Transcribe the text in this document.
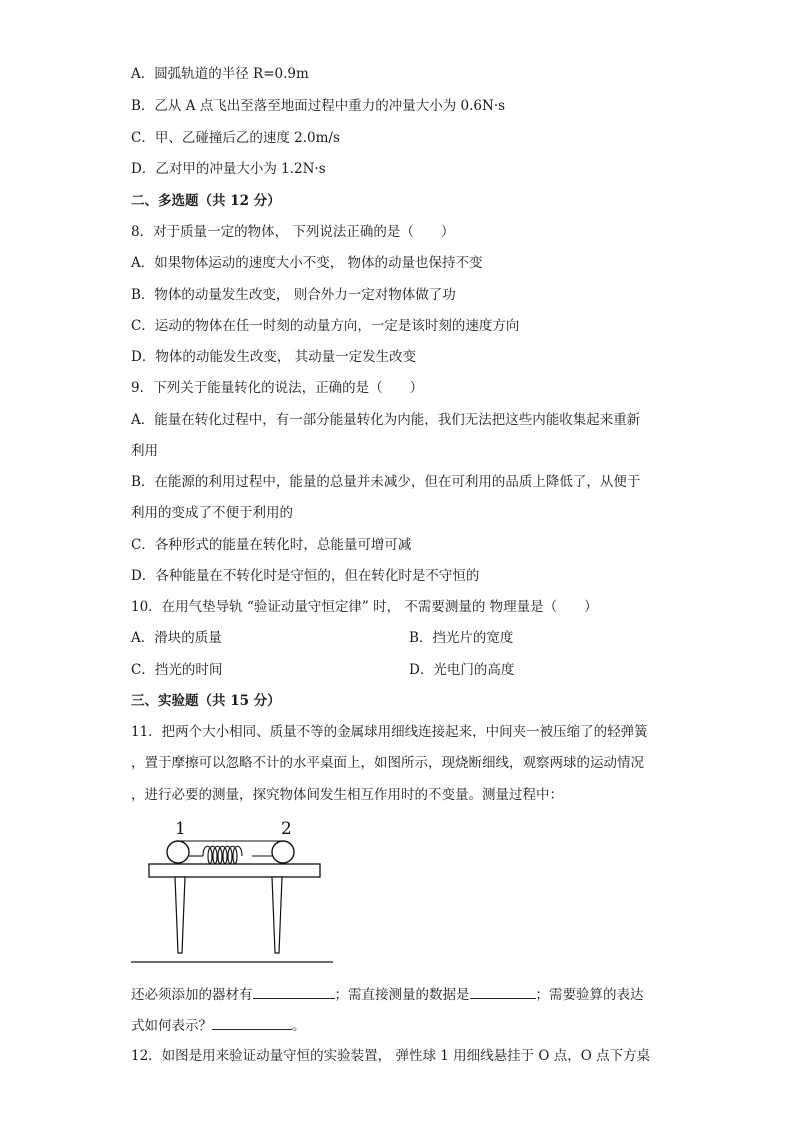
A．圆弧轨道的半径 R=0.9m
B．乙从 A 点飞出至落至地面过程中重力的冲量大小为 0.6N·s
C．甲、乙碰撞后乙的速度 2.0m/s
D．乙对甲的冲量大小为 1.2N·s
二、多选题（共 12 分）
8．对于质量一定的物体， 下列说法正确的是（　　）
A．如果物体运动的速度大小不变， 物体的动量也保持不变
B．物体的动量发生改变， 则合外力一定对物体做了功
C．运动的物体在任一时刻的动量方向，一定是该时刻的速度方向
D．物体的动能发生改变， 其动量一定发生改变
9．下列关于能量转化的说法，正确的是（　　）
A．能量在转化过程中，有一部分能量转化为内能，我们无法把这些内能收集起来重新
利用
B．在能源的利用过程中，能量的总量并未减少，但在可利用的品质上降低了，从便于
利用的变成了不便于利用的
C．各种形式的能量在转化时，总能量可增可减
D．各种能量在不转化时是守恒的，但在转化时是不守恒的
10．在用气垫导轨 “验证动量守恒定律” 时， 不需要测量的 物理量是（　　）
A．滑块的质量	B．挡光片的宽度
C．挡光的时间	D．光电门的高度
三、实验题（共 15 分）
11．把两个大小相同、质量不等的金属球用细线连接起来，中间夹一被压缩了的轻弹簧
，置于摩擦可以忽略不计的水平桌面上，如图所示，现烧断细线，观察两球的运动情况
，进行必要的测量，探究物体间发生相互作用时的不变量。测量过程中：
1	2
还必须添加的器材有	；需直接测量的数据是	；需要验算的表达
式如何表示？	。
12．如图是用来验证动量守恒的实验装置， 弹性球 1 用细线悬挂于 O 点，O 点下方桌
